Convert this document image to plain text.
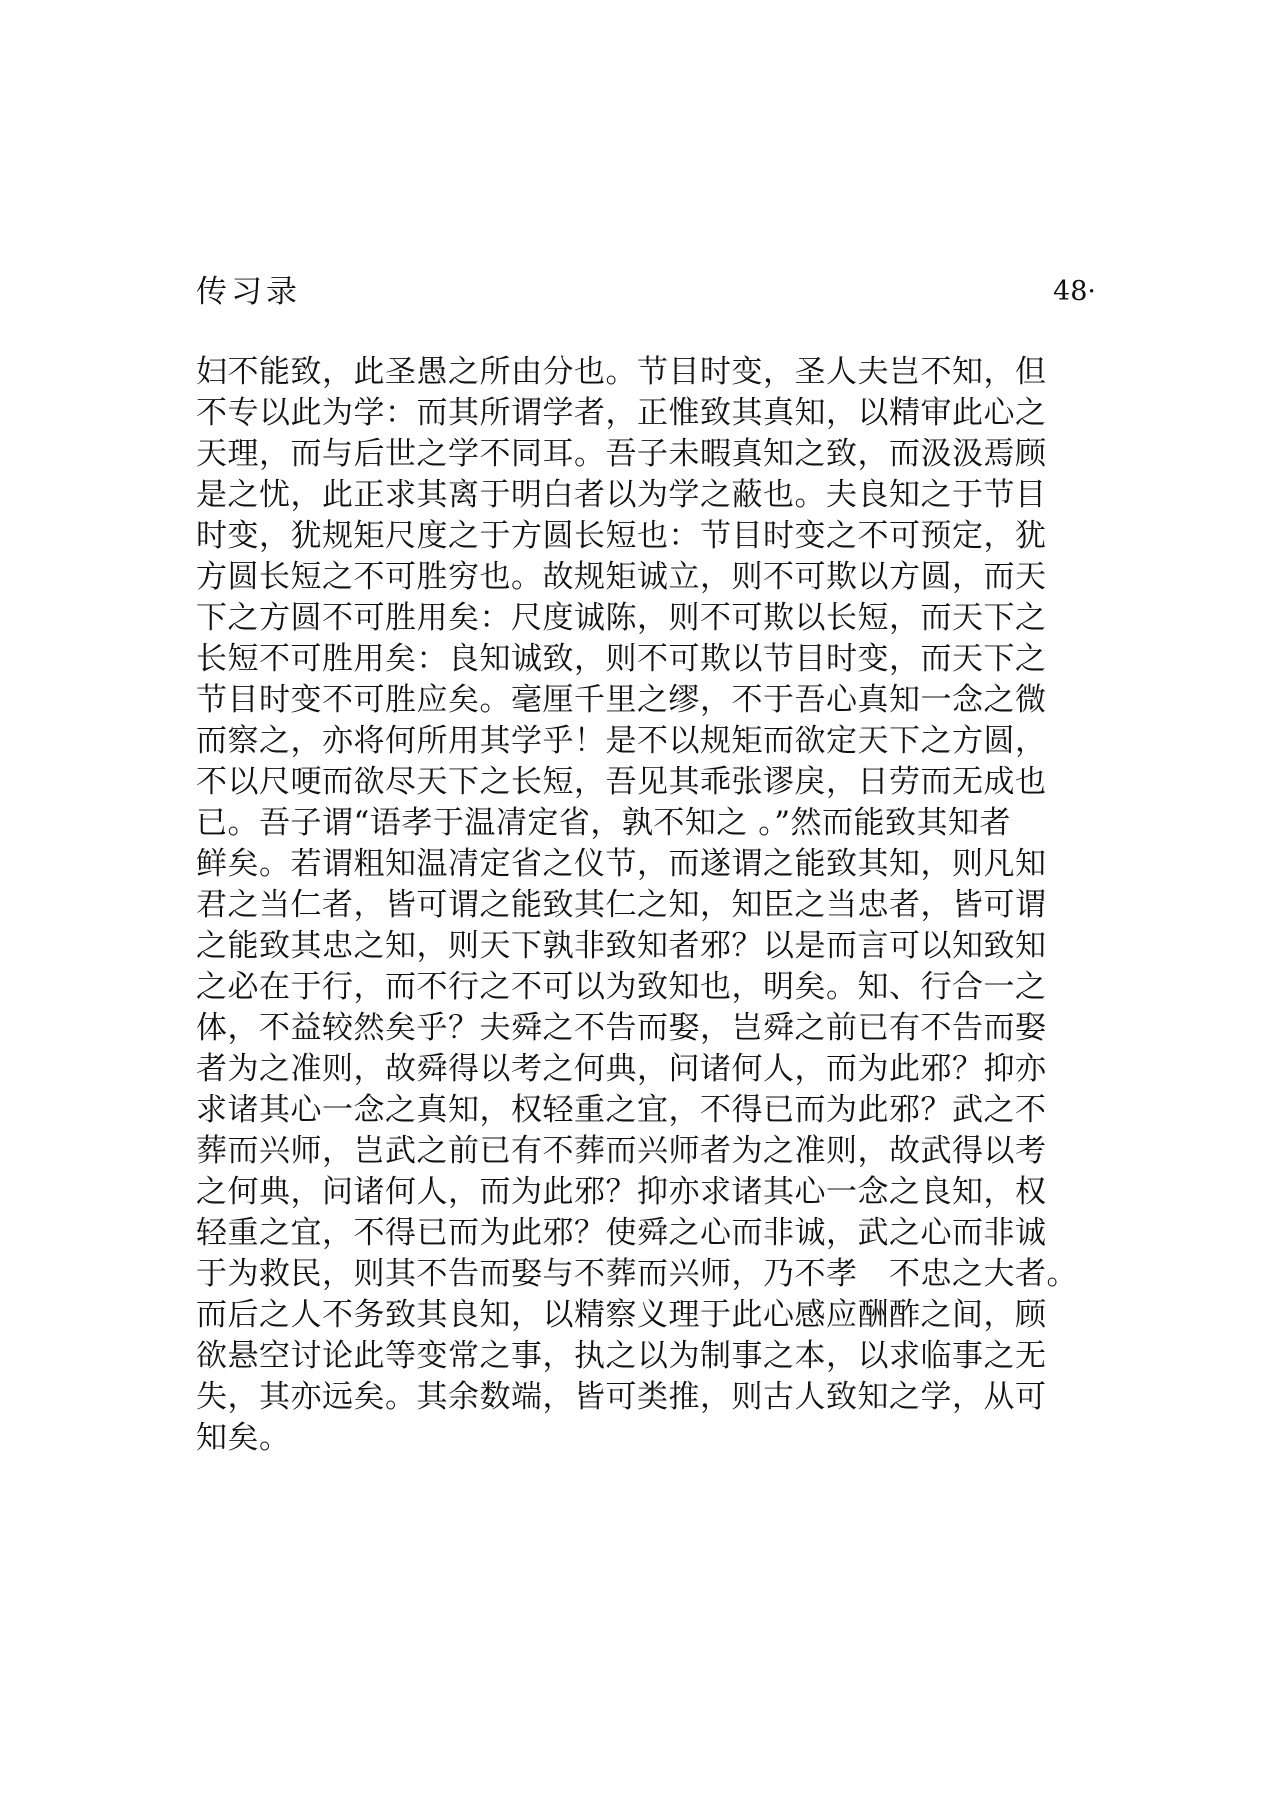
传习录	48·
妇不能致，此圣愚之所由分也。节目时变，圣人夫岂不知，但
不专以此为学：而其所谓学者，正惟致其真知，以精审此心之
天理，而与后世之学不同耳。吾子未暇真知之致，而汲汲焉顾
是之忧，此正求其离于明白者以为学之蔽也。夫良知之于节目
时变，犹规矩尺度之于方圆长短也：节目时变之不可预定，犹
方圆长短之不可胜穷也。故规矩诚立，则不可欺以方圆，而天
下之方圆不可胜用矣：尺度诚陈，则不可欺以长短，而天下之
长短不可胜用矣：良知诚致，则不可欺以节目时变，而天下之
节目时变不可胜应矣。毫厘千里之缪，不于吾心真知一念之微
而察之，亦将何所用其学乎！是不以规矩而欲定天下之方圆，
不以尺哽而欲尽天下之长短，吾见其乖张谬戾，日劳而无成也
已。吾子谓“语孝于温凊定省，孰不知之 。”然而能致其知者
鲜矣。若谓粗知温凊定省之仪节，而遂谓之能致其知，则凡知
君之当仁者，皆可谓之能致其仁之知，知臣之当忠者，皆可谓
之能致其忠之知，则天下孰非致知者邪？以是而言可以知致知
之必在于行，而不行之不可以为致知也，明矣。知、行合一之
体，不益较然矣乎？夫舜之不告而娶，岂舜之前已有不告而娶
者为之准则，故舜得以考之何典，问诸何人，而为此邪？抑亦
求诸其心一念之真知，权轻重之宜，不得已而为此邪？武之不
葬而兴师，岂武之前已有不葬而兴师者为之准则，故武得以考
之何典，问诸何人，而为此邪？抑亦求诸其心一念之良知，权
轻重之宜，不得已而为此邪？使舜之心而非诚，武之心而非诚
于为救民，则其不告而娶与不葬而兴师，乃不孝　不忠之大者。
而后之人不务致其良知，以精察义理于此心感应酬酢之间，顾
欲悬空讨论此等变常之事，执之以为制事之本，以求临事之无
失，其亦远矣。其余数端，皆可类推，则古人致知之学，从可
知矣。
